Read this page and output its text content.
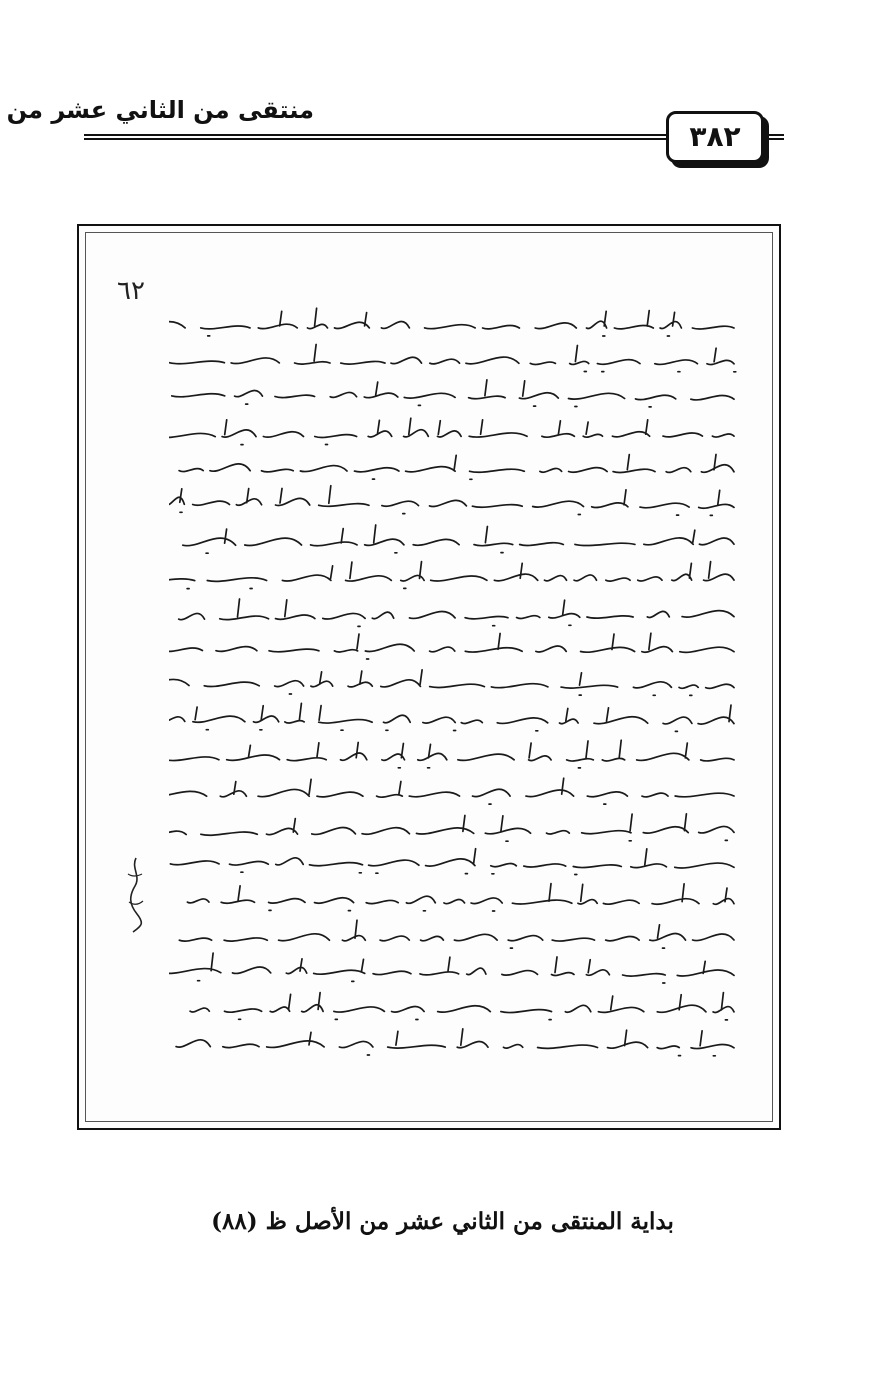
منتقى من الثاني عشر من
٣٨٢
٦٢
بداية المنتقى من الثاني عشر من الأصل ظ (٨٨)
